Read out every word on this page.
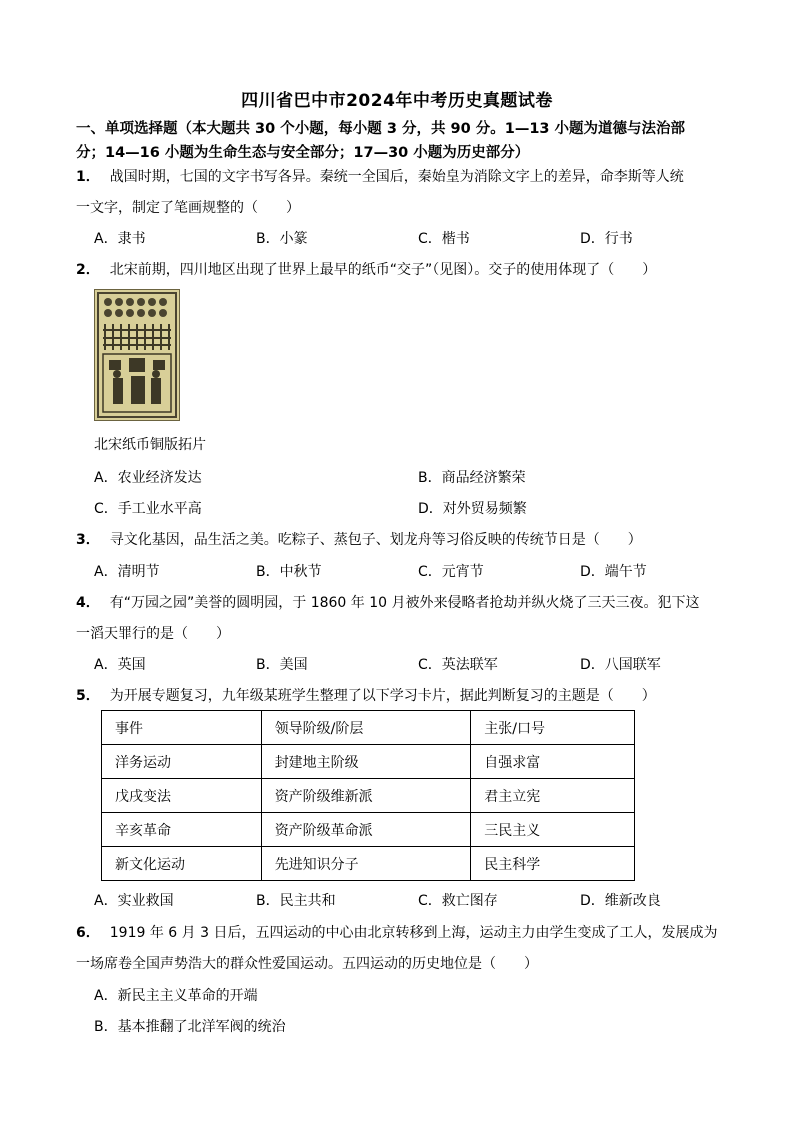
四川省巴中市2024年中考历史真题试卷
一、单项选择题（本大题共 30 个小题，每小题 3 分，共 90 分。1—13 小题为道德与法治部
分；14—16 小题为生命生态与安全部分；17—30 小题为历史部分）
1． 战国时期，七国的文字书写各异。秦统一全国后，秦始皇为消除文字上的差异，命李斯等人统
一文字，制定了笔画规整的（　　）
A．隶书	B．小篆	C．楷书	D．行书
2． 北宋前期，四川地区出现了世界上最早的纸币“交子”（见图）。交子的使用体现了（　　）
北宋纸币铜版拓片
A．农业经济发达	B．商品经济繁荣
C．手工业水平高	D．对外贸易频繁
3． 寻文化基因，品生活之美。吃粽子、蒸包子、划龙舟等习俗反映的传统节日是（　　）
A．清明节	B．中秋节	C．元宵节	D．端午节
4． 有“万园之园”美誉的圆明园，于 1860 年 10 月被外来侵略者抢劫并纵火烧了三天三夜。犯下这
一滔天罪行的是（　　）
A．英国	B．美国	C．英法联军	D．八国联军
5． 为开展专题复习，九年级某班学生整理了以下学习卡片，据此判断复习的主题是（　　）
事件	领导阶级/阶层	主张/口号
洋务运动	封建地主阶级	自强求富
戊戌变法	资产阶级维新派	君主立宪
辛亥革命	资产阶级革命派	三民主义
新文化运动	先进知识分子	民主科学
A．实业救国	B．民主共和	C．救亡图存	D．维新改良
6． 1919 年 6 月 3 日后，五四运动的中心由北京转移到上海，运动主力由学生变成了工人，发展成为
一场席卷全国声势浩大的群众性爱国运动。五四运动的历史地位是（　　）
A．新民主主义革命的开端
B．基本推翻了北洋军阀的统治
